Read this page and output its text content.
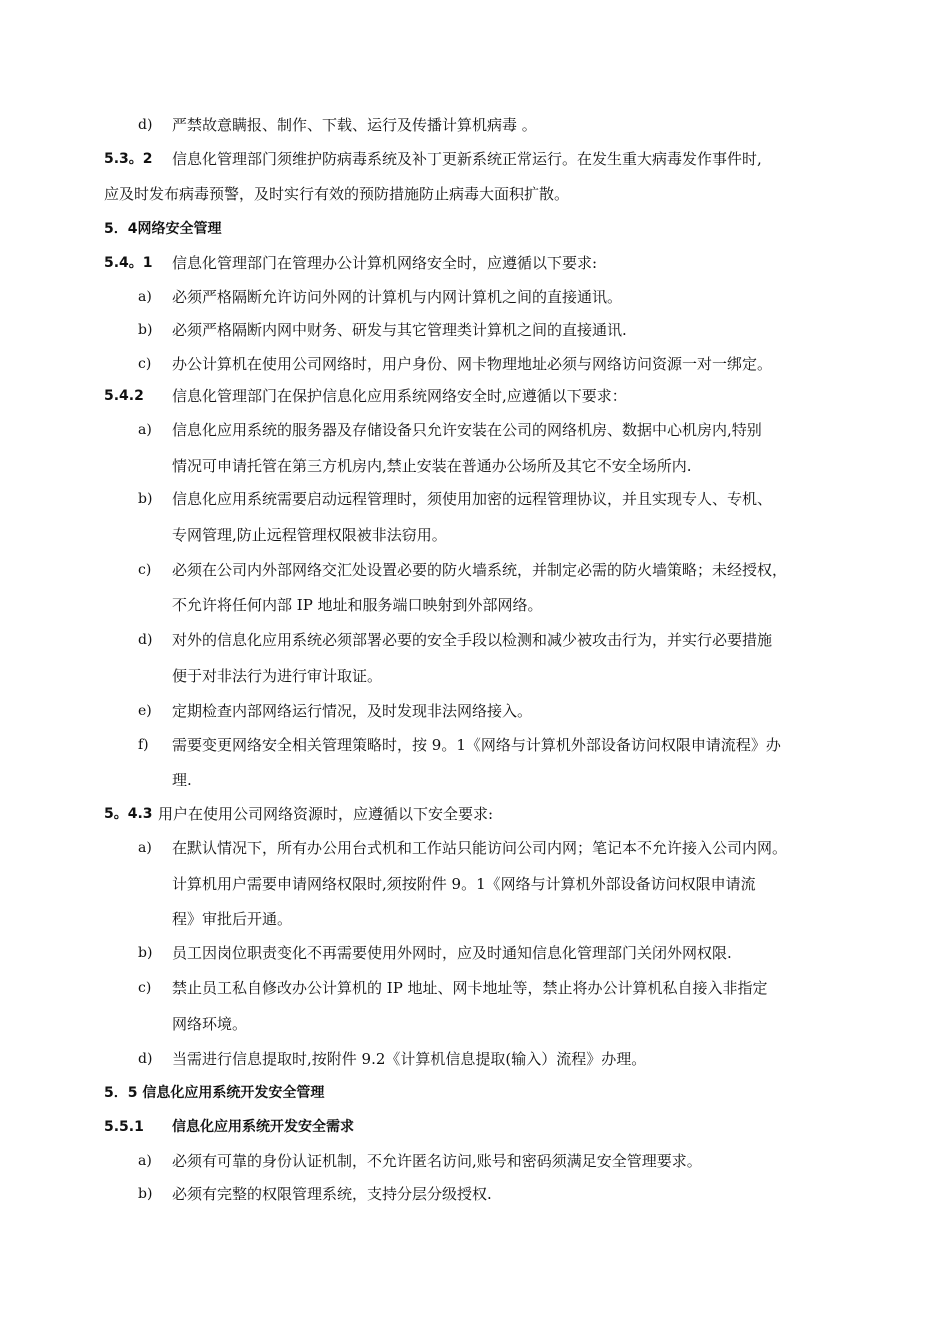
d) 严禁故意瞒报、制作、下载、运行及传播计算机病毒 。
5.3。2 信息化管理部门须维护防病毒系统及补丁更新系统正常运行。在发生重大病毒发作事件时,
应及时发布病毒预警，及时实行有效的预防措施防止病毒大面积扩散。
5．4网络安全管理
5.4。1 信息化管理部门在管理办公计算机网络安全时，应遵循以下要求:
a) 必须严格隔断允许访问外网的计算机与内网计算机之间的直接通讯。
b) 必须严格隔断内网中财务、研发与其它管理类计算机之间的直接通讯.
c) 办公计算机在使用公司网络时，用户身份、网卡物理地址必须与网络访问资源一对一绑定。
5.4.2 信息化管理部门在保护信息化应用系统网络安全时,应遵循以下要求：
a) 信息化应用系统的服务器及存储设备只允许安装在公司的网络机房、数据中心机房内,特别
情况可申请托管在第三方机房内,禁止安装在普通办公场所及其它不安全场所内.
b) 信息化应用系统需要启动远程管理时，须使用加密的远程管理协议，并且实现专人、专机、
专网管理,防止远程管理权限被非法窃用。
c) 必须在公司内外部网络交汇处设置必要的防火墙系统，并制定必需的防火墙策略；未经授权，
不允许将任何内部 IP 地址和服务端口映射到外部网络。
d) 对外的信息化应用系统必须部署必要的安全手段以检测和减少被攻击行为，并实行必要措施
便于对非法行为进行审计取证。
e) 定期检查内部网络运行情况，及时发现非法网络接入。
f) 需要变更网络安全相关管理策略时，按 9。1《网络与计算机外部设备访问权限申请流程》办
理.
5。4.3 用户在使用公司网络资源时，应遵循以下安全要求:
a) 在默认情况下，所有办公用台式机和工作站只能访问公司内网；笔记本不允许接入公司内网。
计算机用户需要申请网络权限时,须按附件 9。1《网络与计算机外部设备访问权限申请流
程》审批后开通。
b) 员工因岗位职责变化不再需要使用外网时，应及时通知信息化管理部门关闭外网权限.
c) 禁止员工私自修改办公计算机的 IP 地址、网卡地址等，禁止将办公计算机私自接入非指定
网络环境。
d) 当需进行信息提取时,按附件 9.2《计算机信息提取(输入）流程》办理。
5．5 信息化应用系统开发安全管理
5.5.1 信息化应用系统开发安全需求
a) 必须有可靠的身份认证机制，不允许匿名访问,账号和密码须满足安全管理要求。
b) 必须有完整的权限管理系统，支持分层分级授权.
